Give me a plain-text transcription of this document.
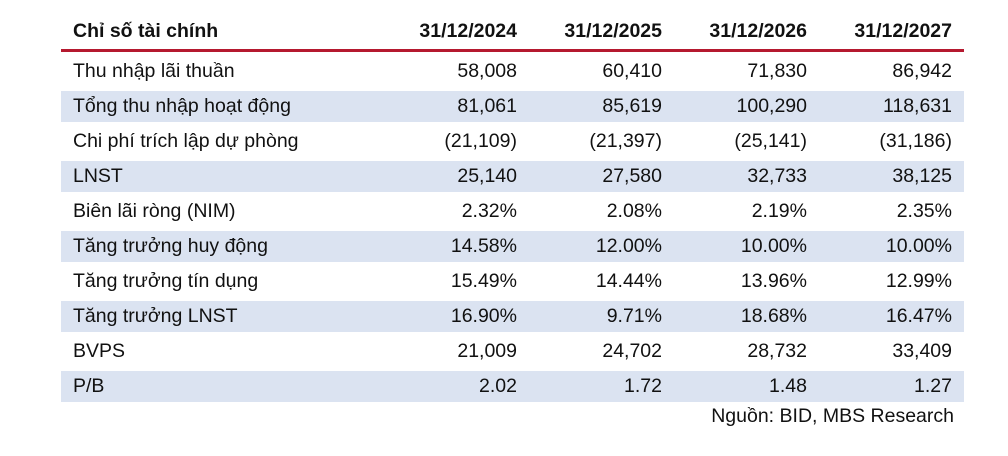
Chỉ số tài chính	31/12/2024	31/12/2025	31/12/2026	31/12/2027
Thu nhập lãi thuần	58,008	60,410	71,830	86,942
Tổng thu nhập hoạt động	81,061	85,619	100,290	118,631
Chi phí trích lập dự phòng	(21,109)	(21,397)	(25,141)	(31,186)
LNST	25,140	27,580	32,733	38,125
Biên lãi ròng (NIM)	2.32%	2.08%	2.19%	2.35%
Tăng trưởng huy động	14.58%	12.00%	10.00%	10.00%
Tăng trưởng tín dụng	15.49%	14.44%	13.96%	12.99%
Tăng trưởng LNST	16.90%	9.71%	18.68%	16.47%
BVPS	21,009	24,702	28,732	33,409
P/B	2.02	1.72	1.48	1.27
Nguồn: BID, MBS Research
